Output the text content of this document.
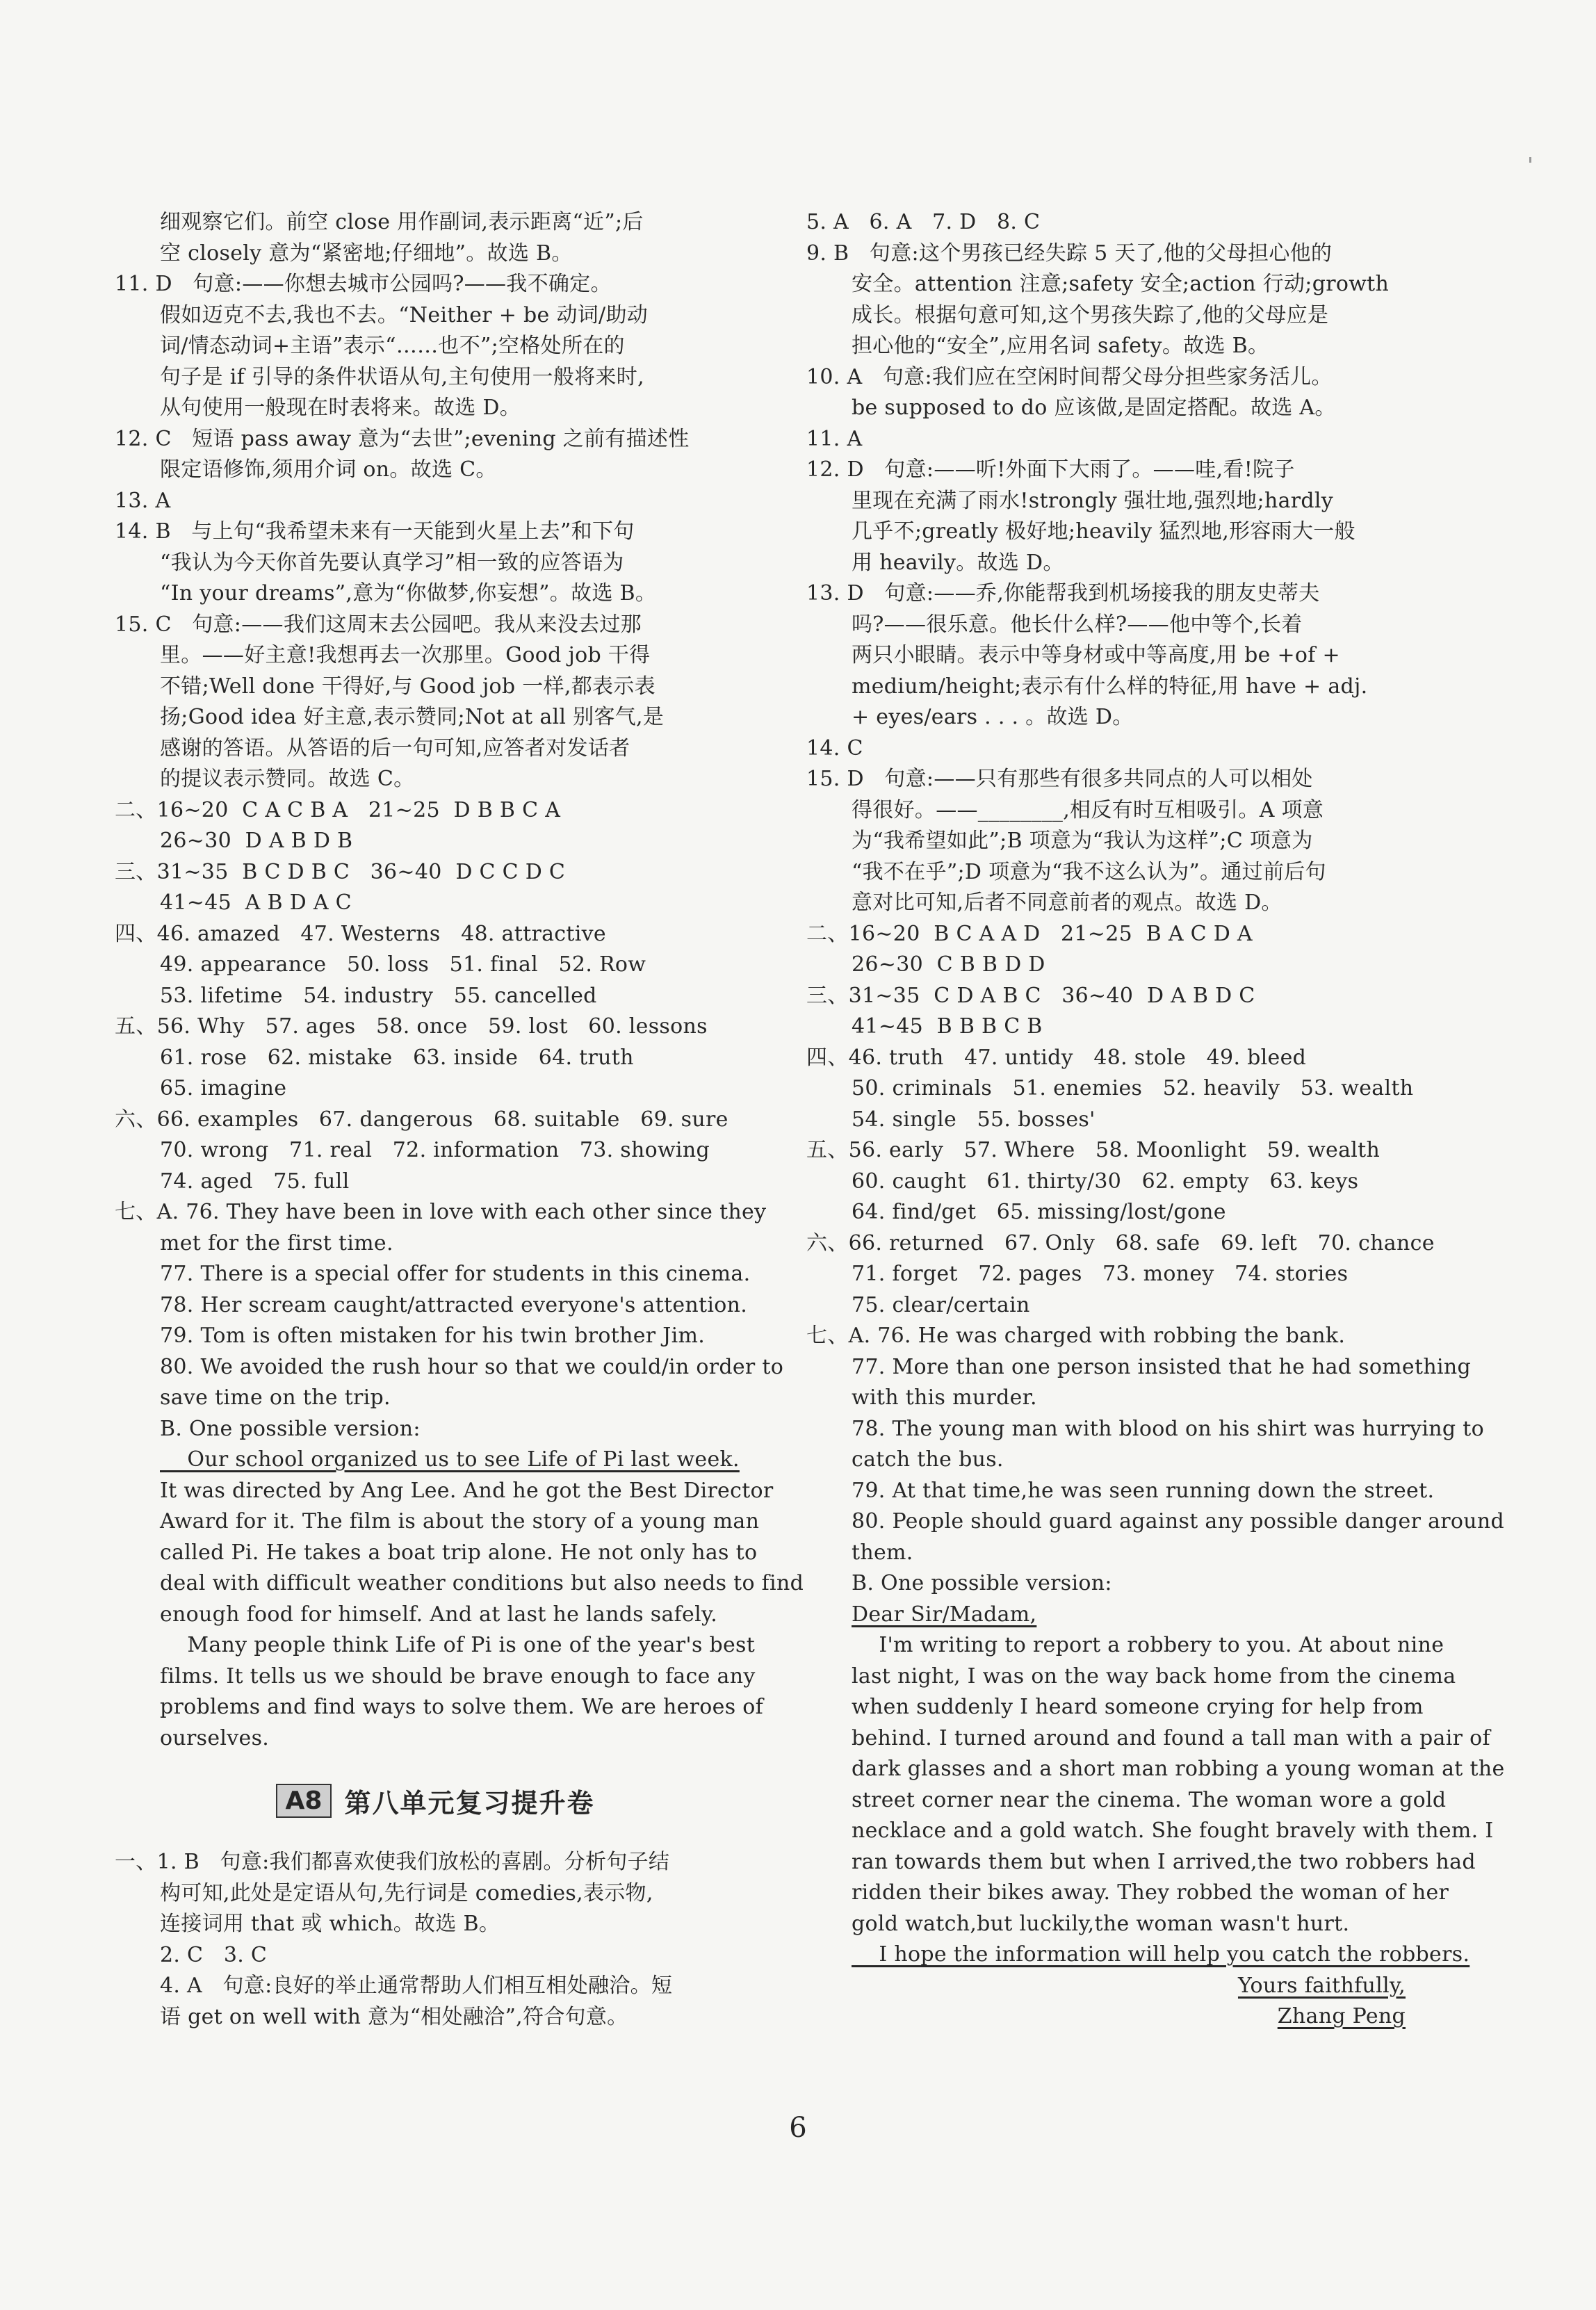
细观察它们。前空 close 用作副词,表示距离“近”;后
空 closely 意为“紧密地;仔细地”。故选 B。
11. D   句意:——你想去城市公园吗?——我不确定。
假如迈克不去,我也不去。“Neither + be 动词/助动
词/情态动词+主语”表示“……也不”;空格处所在的
句子是 if 引导的条件状语从句,主句使用一般将来时,
从句使用一般现在时表将来。故选 D。
12. C   短语 pass away 意为“去世”;evening 之前有描述性
限定语修饰,须用介词 on。故选 C。
13. A
14. B   与上句“我希望未来有一天能到火星上去”和下句
“我认为今天你首先要认真学习”相一致的应答语为
“In your dreams”,意为“你做梦,你妄想”。故选 B。
15. C   句意:——我们这周末去公园吧。我从来没去过那
里。——好主意!我想再去一次那里。Good job 干得
不错;Well done 干得好,与 Good job 一样,都表示表
扬;Good idea 好主意,表示赞同;Not at all 别客气,是
感谢的答语。从答语的后一句可知,应答者对发话者
的提议表示赞同。故选 C。
二、16~20  C A C B A   21~25  D B B C A
26~30  D A B D B
三、31~35  B C D B C   36~40  D C C D C
41~45  A B D A C
四、46. amazed   47. Westerns   48. attractive
49. appearance   50. loss   51. final   52. Row
53. lifetime   54. industry   55. cancelled
五、56. Why   57. ages   58. once   59. lost   60. lessons
61. rose   62. mistake   63. inside   64. truth
65. imagine
六、66. examples   67. dangerous   68. suitable   69. sure
70. wrong   71. real   72. information   73. showing
74. aged   75. full
七、A. 76. They have been in love with each other since they
met for the first time.
77. There is a special offer for students in this cinema.
78. Her scream caught/attracted everyone's attention.
79. Tom is often mistaken for his twin brother Jim.
80. We avoided the rush hour so that we could/in order to
save time on the trip.
B. One possible version:
Our school organized us to see Life of Pi last week.
It was directed by Ang Lee. And he got the Best Director
Award for it. The film is about the story of a young man
called Pi. He takes a boat trip alone. He not only has to
deal with difficult weather conditions but also needs to find
enough food for himself. And at last he lands safely.
Many people think Life of Pi is one of the year's best
films. It tells us we should be brave enough to face any
problems and find ways to solve them. We are heroes of
ourselves.
A8 第八单元复习提升卷
一、1. B   句意:我们都喜欢使我们放松的喜剧。分析句子结
构可知,此处是定语从句,先行词是 comedies,表示物,
连接词用 that 或 which。故选 B。
2. C   3. C
4. A   句意:良好的举止通常帮助人们相互相处融洽。短
语 get on well with 意为“相处融洽”,符合句意。
5. A   6. A   7. D   8. C
9. B   句意:这个男孩已经失踪 5 天了,他的父母担心他的
安全。attention 注意;safety 安全;action 行动;growth
成长。根据句意可知,这个男孩失踪了,他的父母应是
担心他的“安全”,应用名词 safety。故选 B。
10. A   句意:我们应在空闲时间帮父母分担些家务活儿。
be supposed to do 应该做,是固定搭配。故选 A。
11. A
12. D   句意:——听!外面下大雨了。——哇,看!院子
里现在充满了雨水!strongly 强壮地,强烈地;hardly
几乎不;greatly 极好地;heavily 猛烈地,形容雨大一般
用 heavily。故选 D。
13. D   句意:——乔,你能帮我到机场接我的朋友史蒂夫
吗?——很乐意。他长什么样?——他中等个,长着
两只小眼睛。表示中等身材或中等高度,用 be +of +
medium/height;表示有什么样的特征,用 have + adj.
+ eyes/ears . . . 。故选 D。
14. C
15. D   句意:——只有那些有很多共同点的人可以相处
得很好。——________,相反有时互相吸引。A 项意
为“我希望如此”;B 项意为“我认为这样”;C 项意为
“我不在乎”;D 项意为“我不这么认为”。通过前后句
意对比可知,后者不同意前者的观点。故选 D。
二、16~20  B C A A D   21~25  B A C D A
26~30  C B B D D
三、31~35  C D A B C   36~40  D A B D C
41~45  B B B C B
四、46. truth   47. untidy   48. stole   49. bleed
50. criminals   51. enemies   52. heavily   53. wealth
54. single   55. bosses'
五、56. early   57. Where   58. Moonlight   59. wealth
60. caught   61. thirty/30   62. empty   63. keys
64. find/get   65. missing/lost/gone
六、66. returned   67. Only   68. safe   69. left   70. chance
71. forget   72. pages   73. money   74. stories
75. clear/certain
七、A. 76. He was charged with robbing the bank.
77. More than one person insisted that he had something
with this murder.
78. The young man with blood on his shirt was hurrying to
catch the bus.
79. At that time,he was seen running down the street.
80. People should guard against any possible danger around
them.
B. One possible version:
Dear Sir/Madam,
I'm writing to report a robbery to you. At about nine
last night, I was on the way back home from the cinema
when suddenly I heard someone crying for help from
behind. I turned around and found a tall man with a pair of
dark glasses and a short man robbing a young woman at the
street corner near the cinema. The woman wore a gold
necklace and a gold watch. She fought bravely with them. I
ran towards them but when I arrived,the two robbers had
ridden their bikes away. They robbed the woman of her
gold watch,but luckily,the woman wasn't hurt.
I hope the information will help you catch the robbers.
Yours faithfully,
Zhang Peng
6
